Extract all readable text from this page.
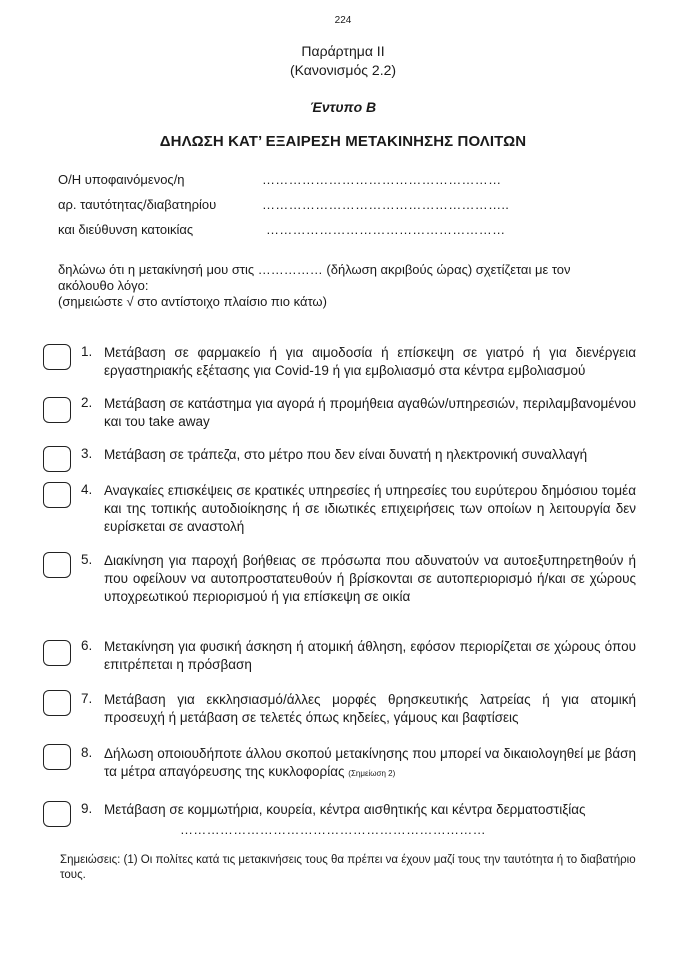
224
Παράρτημα ΙΙ
(Κανονισμός 2.2)
Έντυπο Β
ΔΗΛΩΣΗ ΚΑΤ’ ΕΞΑΙΡΕΣΗ ΜΕΤΑΚΙΝΗΣΗΣ ΠΟΛΙΤΩΝ
Ο/Η υποφαινόμενος/η	………………………………………………
αρ. ταυτότητας/διαβατηρίου	………………………………………………..
και διεύθυνση κατοικίας	………………………………………………
δηλώνω ότι η μετακίνησή μου στις …………… (δήλωση ακριβούς ώρας) σχετίζεται με τον
ακόλουθο λόγο:
(σημειώστε √ στο αντίστοιχο πλαίσιο πιο κάτω)
1. Μετάβαση σε φαρμακείο ή για αιμοδοσία ή επίσκεψη σε γιατρό ή για διενέργεια εργαστηριακής εξέτασης για Covid-19 ή για εμβολιασμό στα κέντρα εμβολιασμού
2. Μετάβαση σε κατάστημα για αγορά ή προμήθεια αγαθών/υπηρεσιών, περιλαμβανομένου και του take away
3. Μετάβαση σε τράπεζα, στο μέτρο που δεν είναι δυνατή η ηλεκτρονική συναλλαγή
4. Αναγκαίες επισκέψεις σε κρατικές υπηρεσίες ή υπηρεσίες του ευρύτερου δημόσιου τομέα και της τοπικής αυτοδιοίκησης ή σε ιδιωτικές επιχειρήσεις των οποίων η λειτουργία δεν ευρίσκεται σε αναστολή
5. Διακίνηση για παροχή βοήθειας σε πρόσωπα που αδυνατούν να αυτοεξυπηρετηθούν ή που οφείλουν να αυτοπροστατευθούν ή βρίσκονται σε αυτοπεριορισμό ή/και σε χώρους υποχρεωτικού περιορισμού ή για επίσκεψη σε οικία
6. Μετακίνηση για φυσική άσκηση ή ατομική άθληση, εφόσον περιορίζεται σε χώρους όπου επιτρέπεται η πρόσβαση
7. Μετάβαση για εκκλησιασμό/άλλες μορφές θρησκευτικής λατρείας ή για ατομική προσευχή ή μετάβαση σε τελετές όπως κηδείες, γάμους και βαφτίσεις
8. Δήλωση οποιουδήποτε άλλου σκοπού μετακίνησης που μπορεί να δικαιολογηθεί με βάση τα μέτρα απαγόρευσης της κυκλοφορίας (Σημείωση 2)
9. Μετάβαση σε κομμωτήρια, κουρεία, κέντρα αισθητικής και κέντρα δερματοστιξίας
……………………………………………………………
Σημειώσεις: (1) Οι πολίτες κατά τις μετακινήσεις τους θα πρέπει να έχουν μαζί τους την ταυτότητα ή το διαβατήριο τους.
